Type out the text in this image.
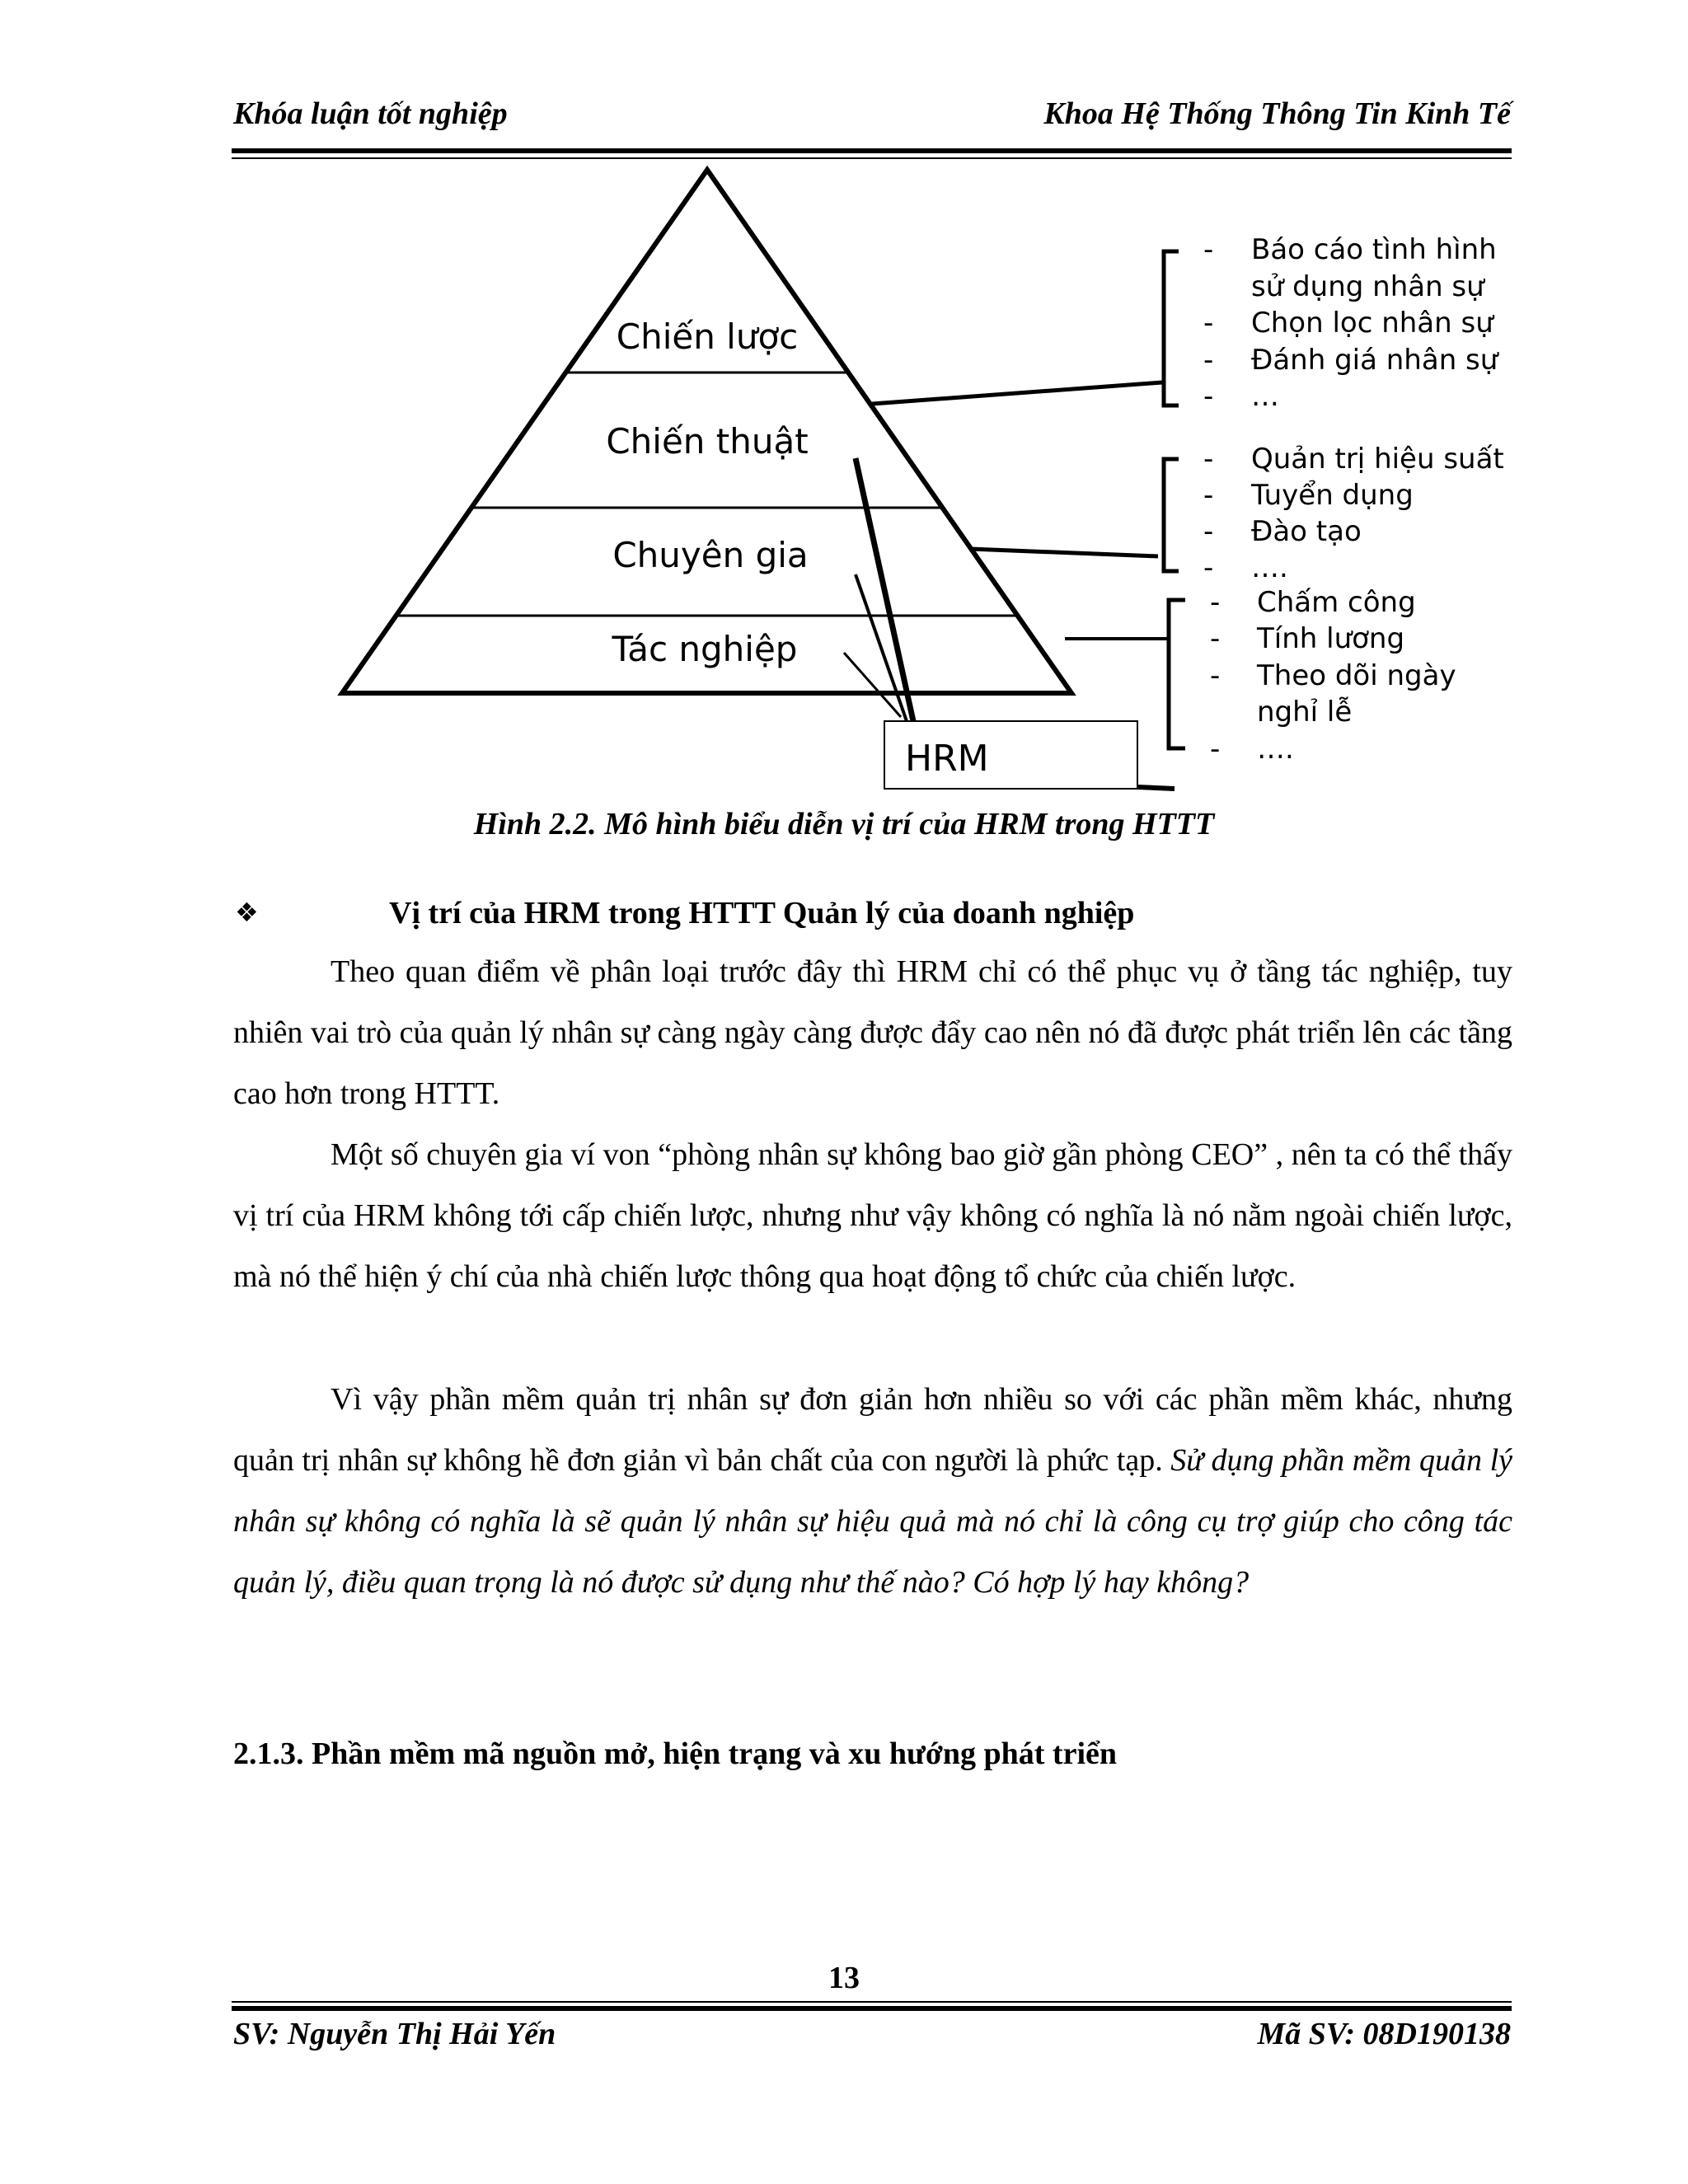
Khóa luận tốt nghiệp	Khoa Hệ Thống Thông Tin Kinh Tế
Chiến lược
Chiến thuật
Chuyên gia
Tác nghiệp
HRM
- Báo cáo tình hình
sử dụng nhân sự
- Chọn lọc nhân sự
- Đánh giá nhân sự
- …
- Quản trị hiệu suất
- Tuyển dụng
- Đào tạo
- ….
- Chấm công
- Tính lương
- Theo dõi ngày
nghỉ lễ
- ….
Hình 2.2. Mô hình biểu diễn vị trí của HRM trong HTTT
❖	Vị trí của HRM trong HTTT Quản lý của doanh nghiệp

Theo quan điểm về phân loại trước đây thì HRM chỉ có thể phục vụ ở tầng tác nghiệp, tuy nhiên vai trò của quản lý nhân sự càng ngày càng được đẩy cao nên nó đã được phát triển lên các tầng cao hơn trong HTTT.

Một số chuyên gia ví von “phòng nhân sự không bao giờ gần phòng CEO” , nên ta có thể thấy vị trí của HRM không tới cấp chiến lược, nhưng như vậy không có nghĩa là nó nằm ngoài chiến lược, mà nó thể hiện ý chí của nhà chiến lược thông qua hoạt động tổ chức của chiến lược.

Vì vậy phần mềm quản trị nhân sự đơn giản hơn nhiều so với các phần mềm khác, nhưng quản trị nhân sự không hề đơn giản vì bản chất của con người là phức tạp. Sử dụng phần mềm quản lý nhân sự không có nghĩa là sẽ quản lý nhân sự hiệu quả mà nó chỉ là công cụ trợ giúp cho công tác quản lý, điều quan trọng là nó được sử dụng như thế nào? Có hợp lý hay không?

2.1.3. Phần mềm mã nguồn mở, hiện trạng và xu hướng phát triển
13
SV: Nguyễn Thị Hải Yến	Mã SV: 08D190138
